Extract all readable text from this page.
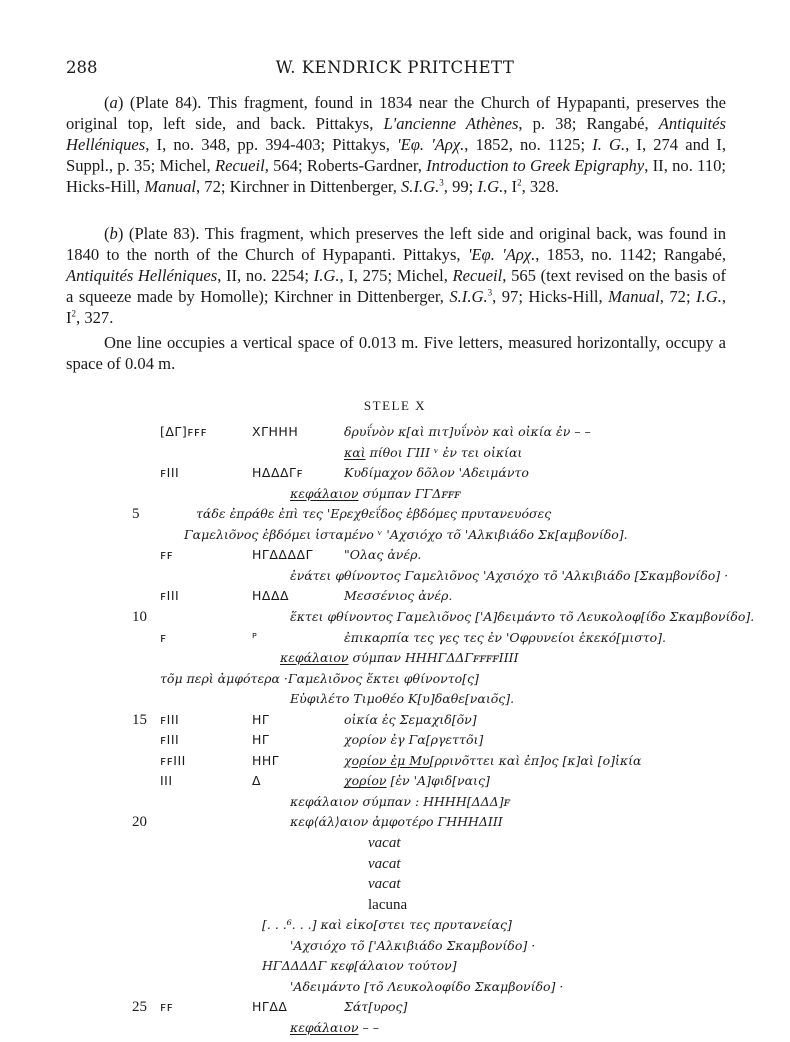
288	W. KENDRICK PRITCHETT

(a) (Plate 84). This fragment, found in 1834 near the Church of Hypapanti, preserves the original top, left side, and back. Pittakys, L'ancienne Athènes, p. 38; Rangabé, Antiquités Helléniques, I, no. 348, pp. 394-403; Pittakys, 'Εφ. 'Αρχ., 1852, no. 1125; I. G., I, 274 and I, Suppl., p. 35; Michel, Recueil, 564; Roberts-Gardner, Introduction to Greek Epigraphy, II, no. 110; Hicks-Hill, Manual, 72; Kirchner in Dittenberger, S.I.G.$^3$, 99; I.G., $I^2$, 328.

(b) (Plate 83). This fragment, which preserves the left side and original back, was found in 1840 to the north of the Church of Hypapanti. Pittakys, 'Εφ. 'Αρχ., 1853, no. 1142; Rangabé, Antiquités Helléniques, II, no. 2254; I.G., I, 275; Michel, Recueil, 565 (text revised on the basis of a squeeze made by Homolle); Kirchner in Dittenberger, S.I.G.$^3$, 97; Hicks-Hill, Manual, 72; I.G., $I^2$, 327.

One line occupies a vertical space of 0.013 m. Five letters, measured horizontally, occupy a space of 0.04 m.

STELE X
[ΔΓ]ꜰꜰꜰ	ΧΓΗΗΗ	δρυΐνὸν κ[αὶ πιτ]υΐνὸν καὶ οἰκία ἐν – –
καὶ πίθοι ΓΙΙΙ ᵛ ἐν τει οἰκίαι
ꜰΙΙΙ	ΗΔΔΔΓꜰ	Κυδίμαχον δõλον 'Αδειμάντο
κεφάλαιον σύμπαν ΓΓΔꜰꜰꜰ
5	τάδε ἐπράθε ἐπὶ τες 'Ερεχθεΐδος ἑβδόμες πρυτανευόσες
Γαμελιõνος ἑβδόμει ἱσταμένο ᵛ 'Αχσιόχο τõ 'Αλκιβιάδο Σκ[αμβονίδο].
ꜰꜰ	ΗΓΔΔΔΔΓ "Ολας ἀνέρ.
ἐνάτει φθίνοντος Γαμελιõνος 'Αχσιόχο τõ 'Αλκιβιάδο [Σκαμβονίδο] ·
ꜰΙΙΙ	ΗΔΔΔ	Μεσσένιος ἀνέρ.
10	ἕκτει φθίνοντος Γαμελιõνος ['Α]δειμάντο τõ Λευκολοφ[ίδο Σκαμβονίδο].
ꜰ	ᴾ	ἐπικαρπία τες γες τες ἐν 'Οφρυνείοι ἑκεκό[μιστο].
κεφάλαιον σύμπαν ΗΗΗΓΔΔΓꜰꜰꜰꜰΙΙΙΙ
τõμ περὶ ἀμφότερα · Γαμελιõνος ἕκτει φθίνοντο[ς]
Εὐφιλέτο Τιμοθέο Κ[υ]δαθε[ναιõς].
15 ꜰΙΙΙ	ΗΓ	οἰκία ἐς Σεμαχιδ[õν]
ꜰΙΙΙ	ΗΓ	χορίον ἐγ Γα[ργεττõι]
ꜰꜰΙΙΙ	ΗΗΓ	χορίον ἐμ Μυ[ρρινõττει καὶ ἐπ]ος [κ]αὶ [ο]ἰκία
ΙΙΙ	Δ	χορίον [ἐν 'Α]φιδ[ναις]
κεφάλαιον σύμπαν : ΗΗΗΗ[ΔΔΔ]ꜰ
20	κεφ⟨άλ⟩αιον ἀμφοτέρο ΓΗΗΗΔΙΙΙ
vacat
vacat
vacat
lacuna
[. . .⁶. . .] καὶ εἰκο[στει τες πρυτανείας]
'Αχσιόχο τõ ['Αλκιβιάδο Σκαμβονίδο] ·
ΗΓΔΔΔΔΓ κεφ[άλαιον τούτον]
'Αδειμάντο [τõ Λευκολοφίδο Σκαμβονίδο] ·
25 ꜰꜰ	ΗΓΔΔ	Σάτ[υρος]
κεφάλαιον – –
